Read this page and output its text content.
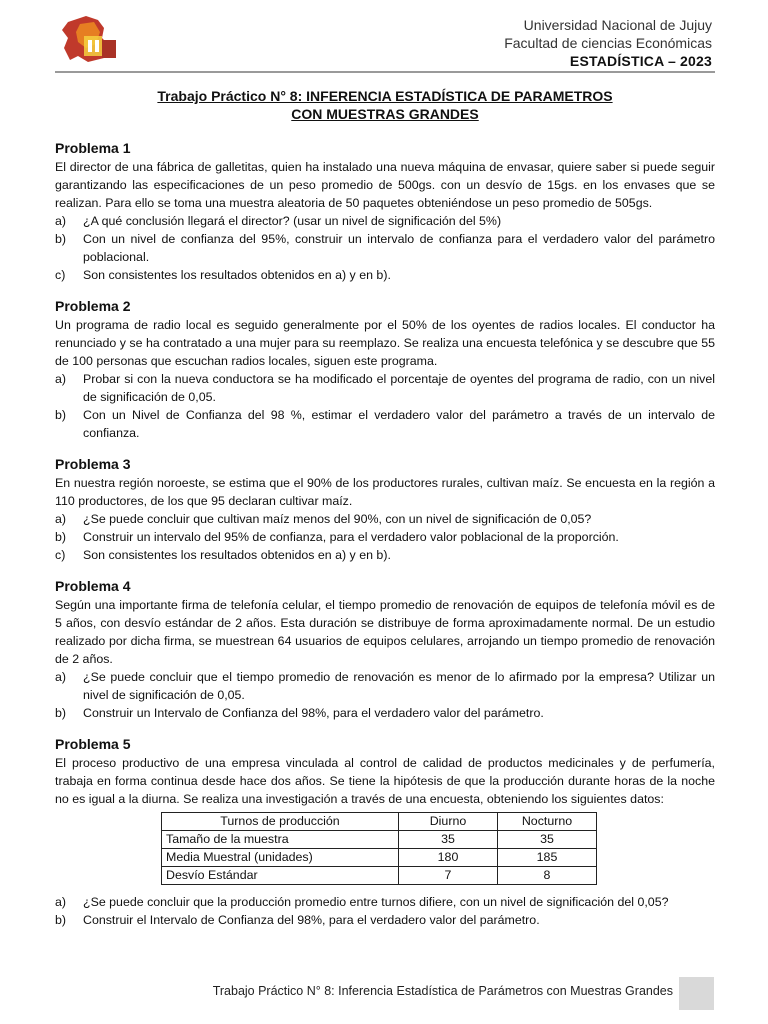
Universidad Nacional de Jujuy
Facultad de ciencias Económicas
ESTADÍSTICA – 2023
Trabajo Práctico N° 8: INFERENCIA ESTADÍSTICA DE PARAMETROS
CON MUESTRAS GRANDES
Problema 1

El director de una fábrica de galletitas, quien ha instalado una nueva máquina de envasar, quiere saber si puede seguir garantizando las especificaciones de un peso promedio de 500gs. con un desvío de 15gs. en los envases que se realizan. Para ello se toma una muestra aleatoria de 50 paquetes obteniéndose un peso promedio de 505gs.

a) ¿A qué conclusión llegará el director? (usar un nivel de significación del 5%)
b) Con un nivel de confianza del 95%, construir un intervalo de confianza para el verdadero valor del parámetro poblacional.
c) Son consistentes los resultados obtenidos en a) y en b).
Problema 2

Un programa de radio local es seguido generalmente por el 50% de los oyentes de radios locales. El conductor ha renunciado y se ha contratado a una mujer para su reemplazo. Se realiza una encuesta telefónica y se descubre que 55 de 100 personas que escuchan radios locales, siguen este programa.

a) Probar si con la nueva conductora se ha modificado el porcentaje de oyentes del programa de radio, con un nivel de significación de 0,05.
b) Con un Nivel de Confianza del 98 %, estimar el verdadero valor del parámetro a través de un intervalo de confianza.
Problema 3

En nuestra región noroeste, se estima que el 90% de los productores rurales, cultivan maíz. Se encuesta en la región a 110 productores, de los que 95 declaran cultivar maíz.

a) ¿Se puede concluir que cultivan maíz menos del 90%, con un nivel de significación de 0,05?
b) Construir un intervalo del 95% de confianza, para el verdadero valor poblacional de la proporción.
c) Son consistentes los resultados obtenidos en a) y en b).
Problema 4

Según una importante firma de telefonía celular, el tiempo promedio de renovación de equipos de telefonía móvil es de 5 años, con desvío estándar de 2 años. Esta duración se distribuye de forma aproximadamente normal. De un estudio realizado por dicha firma, se muestrean 64 usuarios de equipos celulares, arrojando un tiempo promedio de renovación de 2 años.

a) ¿Se puede concluir que el tiempo promedio de renovación es menor de lo afirmado por la empresa? Utilizar un nivel de significación de 0,05.
b) Construir un Intervalo de Confianza del 98%, para el verdadero valor del parámetro.
Problema 5

El proceso productivo de una empresa vinculada al control de calidad de productos medicinales y de perfumería, trabaja en forma continua desde hace dos años. Se tiene la hipótesis de que la producción durante horas de la noche no es igual a la diurna. Se realiza una investigación a través de una encuesta, obteniendo los siguientes datos:

Turnos de producción	Diurno	Nocturno
Tamaño de la muestra	35	35
Media Muestral (unidades)	180	185
Desvío Estándar	7	8
a) ¿Se puede concluir que la producción promedio entre turnos difiere, con un nivel de significación del 0,05?
b) Construir el Intervalo de Confianza del 98%, para el verdadero valor del parámetro.
Trabajo Práctico N° 8: Inferencia Estadística de Parámetros con Muestras Grandes
